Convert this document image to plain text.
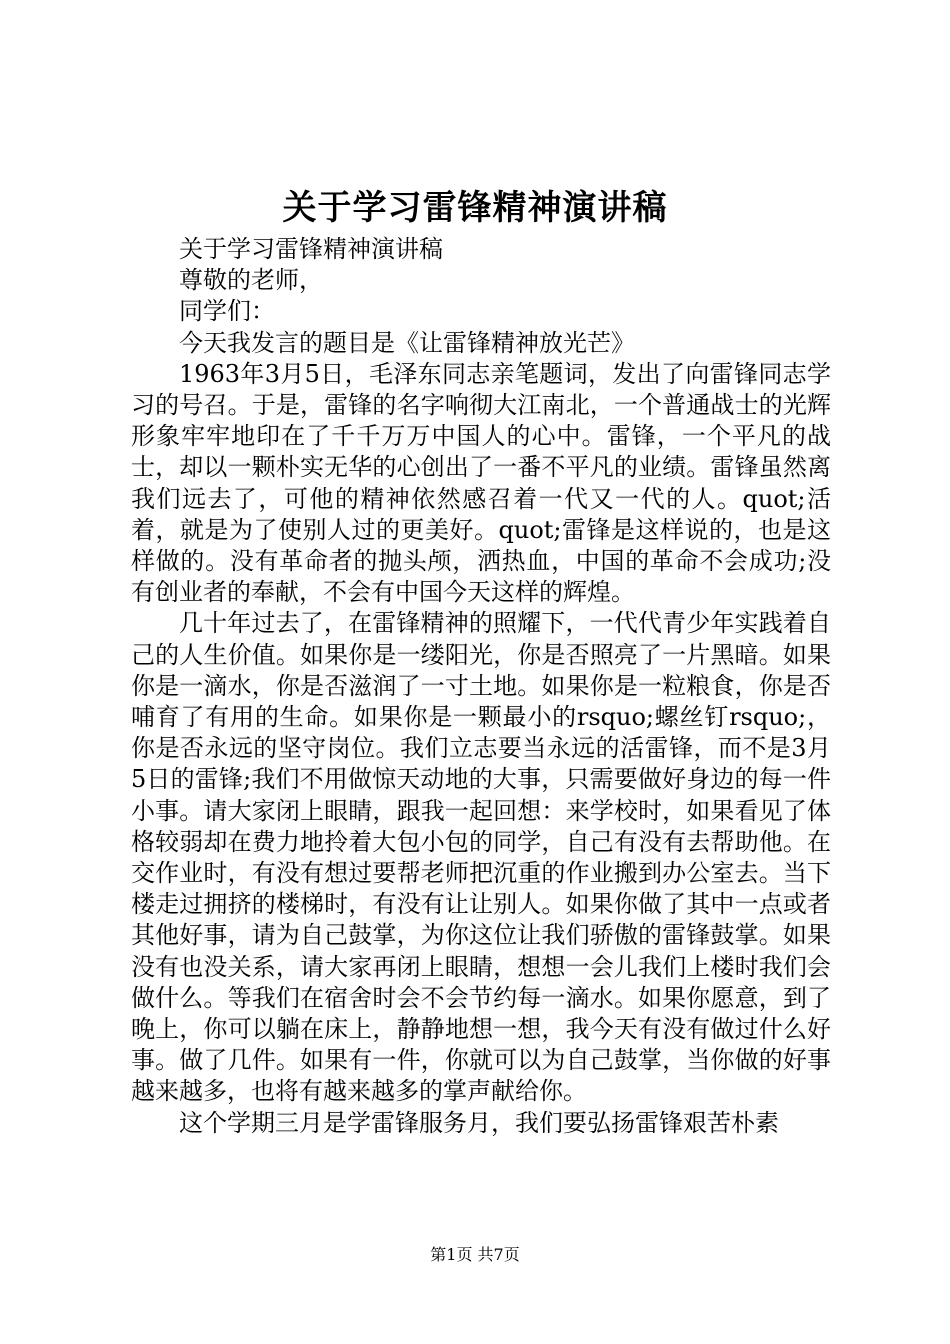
关于学习雷锋精神演讲稿

关于学习雷锋精神演讲稿

尊敬的老师，

同学们：

今天我发言的题目是《让雷锋精神放光芒》

1963年3月5日，毛泽东同志亲笔题词，发出了向雷锋同志学习的号召。于是，雷锋的名字响彻大江南北，一个普通战士的光辉形象牢牢地印在了千千万万中国人的心中。雷锋，一个平凡的战士，却以一颗朴实无华的心创出了一番不平凡的业绩。雷锋虽然离我们远去了，可他的精神依然感召着一代又一代的人。quot;活着，就是为了使别人过的更美好。quot;雷锋是这样说的，也是这样做的。没有革命者的抛头颅，洒热血，中国的革命不会成功;没有创业者的奉献，不会有中国今天这样的辉煌。

几十年过去了，在雷锋精神的照耀下，一代代青少年实践着自己的人生价值。如果你是一缕阳光，你是否照亮了一片黑暗。如果你是一滴水，你是否滋润了一寸土地。如果你是一粒粮食，你是否哺育了有用的生命。如果你是一颗最小的rsquo;螺丝钉rsquo;，你是否永远的坚守岗位。我们立志要当永远的活雷锋，而不是3月5日的雷锋;我们不用做惊天动地的大事，只需要做好身边的每一件小事。请大家闭上眼睛，跟我一起回想：来学校时，如果看见了体格较弱却在费力地拎着大包小包的同学，自己有没有去帮助他。在交作业时，有没有想过要帮老师把沉重的作业搬到办公室去。当下楼走过拥挤的楼梯时，有没有让让别人。如果你做了其中一点或者其他好事，请为自己鼓掌，为你这位让我们骄傲的雷锋鼓掌。如果没有也没关系，请大家再闭上眼睛，想想一会儿我们上楼时我们会做什么。等我们在宿舍时会不会节约每一滴水。如果你愿意，到了晚上，你可以躺在床上，静静地想一想，我今天有没有做过什么好事。做了几件。如果有一件，你就可以为自己鼓掌，当你做的好事越来越多，也将有越来越多的掌声献给你。

这个学期三月是学雷锋服务月，我们要弘扬雷锋艰苦朴素

第1页 共7页
